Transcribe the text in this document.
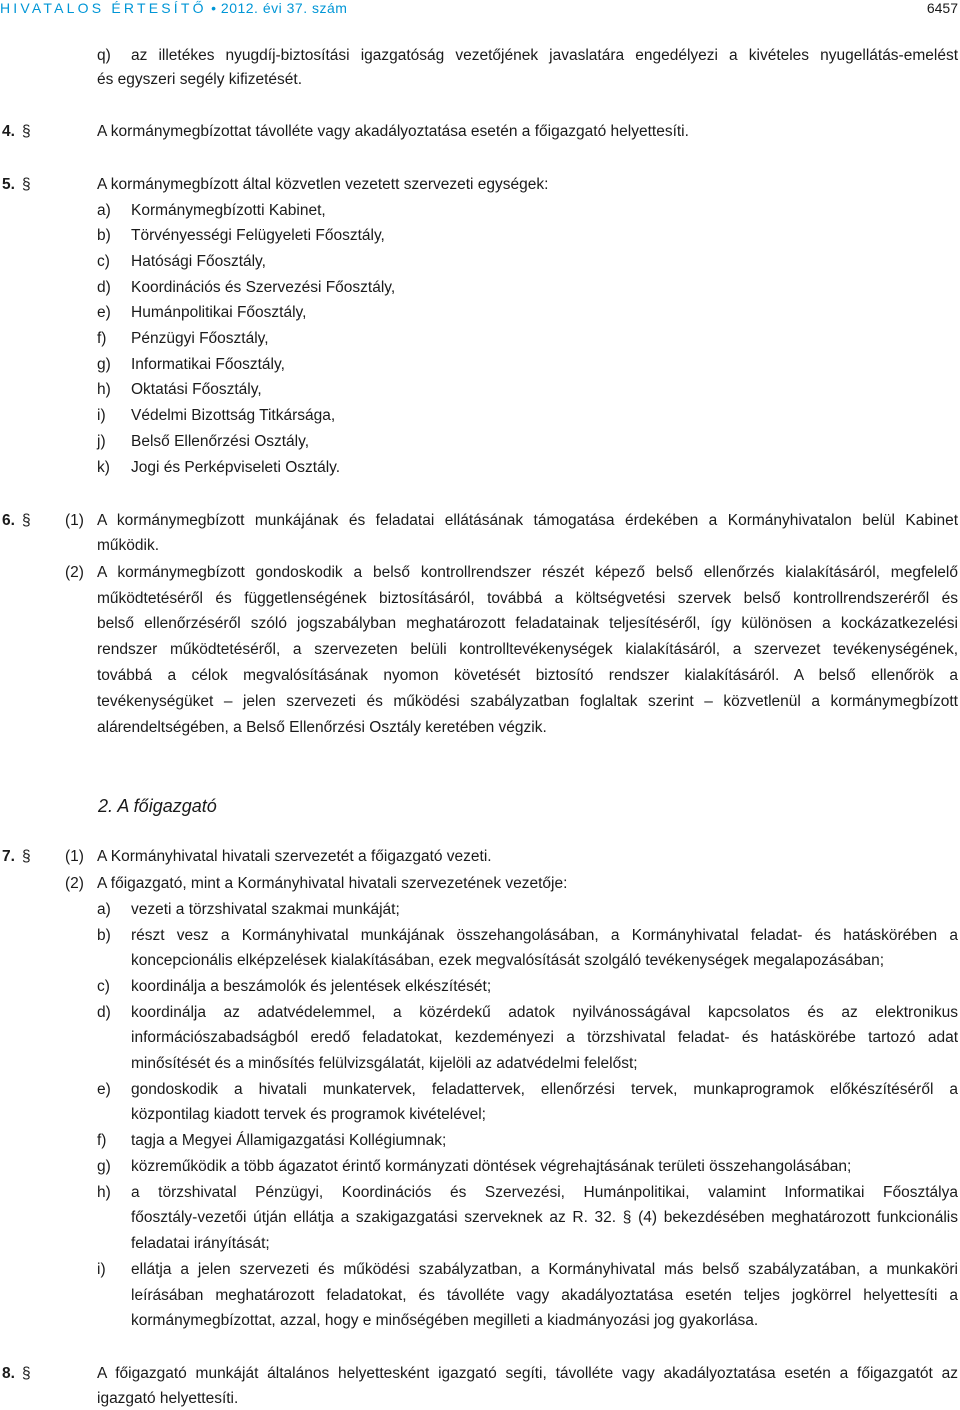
HIVATALOS ÉRTESÍTŐ • 2012. évi 37. szám	6457
q) az illetékes nyugdíj-biztosítási igazgatóság vezetőjének javaslatára engedélyezi a kivételes nyugellátás-emelést
és egyszeri segély kifizetését.
4. §	A kormánymegbízottat távolléte vagy akadályoztatása esetén a főigazgató helyettesíti.
5. §	A kormánymegbízott által közvetlen vezetett szervezeti egységek:
a) Kormánymegbízotti Kabinet,
b) Törvényességi Felügyeleti Főosztály,
c) Hatósági Főosztály,
d) Koordinációs és Szervezési Főosztály,
e) Humánpolitikai Főosztály,
f) Pénzügyi Főosztály,
g) Informatikai Főosztály,
h) Oktatási Főosztály,
i) Védelmi Bizottság Titkársága,
j) Belső Ellenőrzési Osztály,
k) Jogi és Perképviseleti Osztály.
6. § (1) A kormánymegbízott munkájának és feladatai ellátásának támogatása érdekében a Kormányhivatalon belül Kabinet
működik.
(2) A kormánymegbízott gondoskodik a belső kontrollrendszer részét képező belső ellenőrzés kialakításáról, megfelelő
működtetéséről és függetlenségének biztosításáról, továbbá a költségvetési szervek belső kontrollrendszeréről és
belső ellenőrzéséről szóló jogszabályban meghatározott feladatainak teljesítéséről, így különösen a kockázatkezelési
rendszer működtetéséről, a szervezeten belüli kontrolltevékenységek kialakításáról, a szervezet tevékenységének,
továbbá a célok megvalósításának nyomon követését biztosító rendszer kialakításáról. A belső ellenőrök a
tevékenységüket – jelen szervezeti és működési szabályzatban foglaltak szerint – közvetlenül a kormánymegbízott
alárendeltségében, a Belső Ellenőrzési Osztály keretében végzik.
2. A főigazgató
7. § (1) A Kormányhivatal hivatali szervezetét a főigazgató vezeti.
(2) A főigazgató, mint a Kormányhivatal hivatali szervezetének vezetője:
a) vezeti a törzshivatal szakmai munkáját;
b) részt vesz a Kormányhivatal munkájának összehangolásában, a Kormányhivatal feladat- és hatáskörében a
koncepcionális elképzelések kialakításában, ezek megvalósítását szolgáló tevékenységek megalapozásában;
c) koordinálja a beszámolók és jelentések elkészítését;
d) koordinálja az adatvédelemmel, a közérdekű adatok nyilvánosságával kapcsolatos és az elektronikus
információszabadságból eredő feladatokat, kezdeményezi a törzshivatal feladat- és hatáskörébe tartozó adat
minősítését és a minősítés felülvizsgálatát, kijelöli az adatvédelmi felelőst;
e) gondoskodik a hivatali munkatervek, feladattervek, ellenőrzési tervek, munkaprogramok előkészítéséről a
központilag kiadott tervek és programok kivételével;
f) tagja a Megyei Államigazgatási Kollégiumnak;
g) közreműködik a több ágazatot érintő kormányzati döntések végrehajtásának területi összehangolásában;
h) a törzshivatal Pénzügyi, Koordinációs és Szervezési, Humánpolitikai, valamint Informatikai Főosztálya
főosztály-vezetői útján ellátja a szakigazgatási szerveknek az R. 32. § (4) bekezdésében meghatározott funkcionális
feladatai irányítását;
i) ellátja a jelen szervezeti és működési szabályzatban, a Kormányhivatal más belső szabályzatában, a munkaköri
leírásában meghatározott feladatokat, és távolléte vagy akadályoztatása esetén teljes jogkörrel helyettesíti a
kormánymegbízottat, azzal, hogy e minőségében megilleti a kiadmányozási jog gyakorlása.
8. §	A főigazgató munkáját általános helyettesként igazgató segíti, távolléte vagy akadályoztatása esetén a főigazgatót az
igazgató helyettesíti.
